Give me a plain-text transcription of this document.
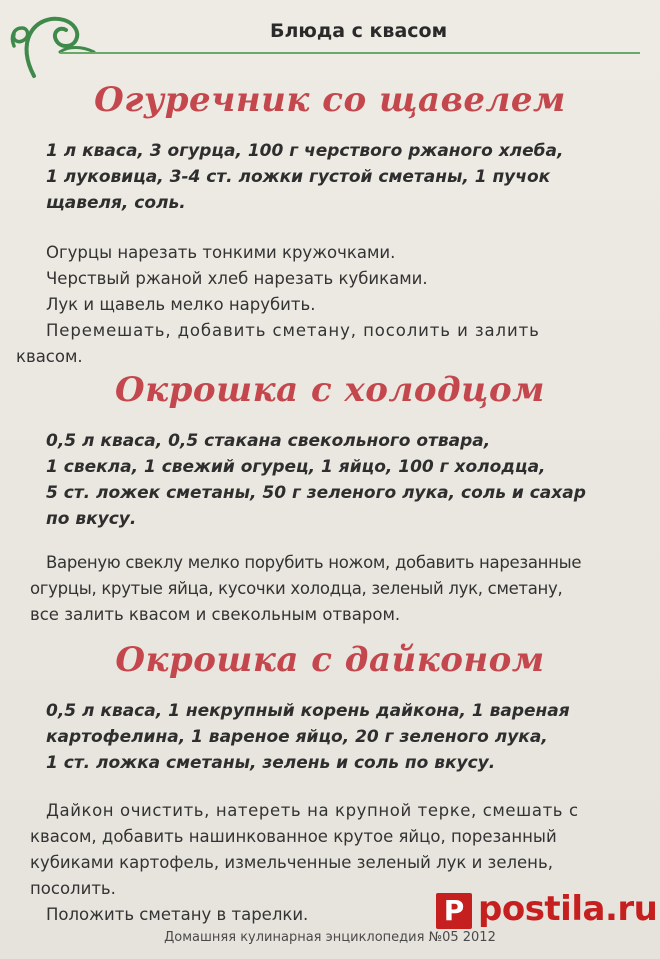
Блюда с квасом
Огуречник со щавелем
1 л кваса, 3 огурца, 100 г черствого ржаного хлеба,
1 луковица, 3-4 ст. ложки густой сметаны, 1 пучок
щавеля, соль.
Огурцы нарезать тонкими кружочками.
Черствый ржаной хлеб нарезать кубиками.
Лук и щавель мелко нарубить.
Перемешать, добавить сметану, посолить и залить
квасом.
Окрошка с холодцом
0,5 л кваса, 0,5 стакана свекольного отвара,
1 свекла, 1 свежий огурец, 1 яйцо, 100 г холодца,
5 ст. ложек сметаны, 50 г зеленого лука, соль и сахар
по вкусу.
Вареную свеклу мелко порубить ножом, добавить нарезанные
огурцы, крутые яйца, кусочки холодца, зеленый лук, сметану,
все залить квасом и свекольным отваром.
Окрошка с дайконом
0,5 л кваса, 1 некрупный корень дайкона, 1 вареная
картофелина, 1 вареное яйцо, 20 г зеленого лука,
1 ст. ложка сметаны, зелень и соль по вкусу.
Дайкон очистить, натереть на крупной терке, смешать с
квасом, добавить нашинкованное крутое яйцо, порезанный
кубиками картофель, измельченные зеленый лук и зелень,
посолить.
Положить сметану в тарелки.
Домашняя кулинарная энциклопедия №05 2012
P postila.ru
